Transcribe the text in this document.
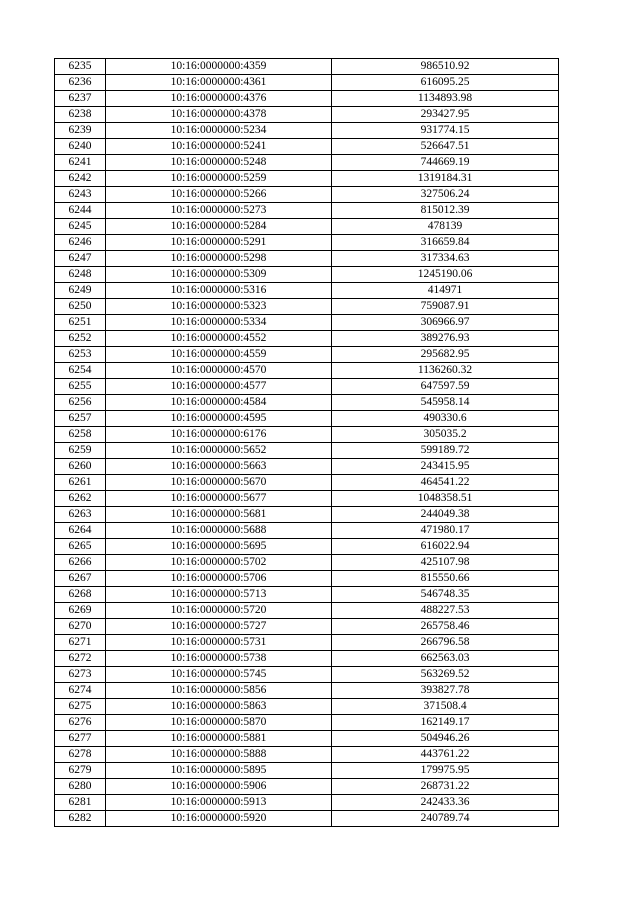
6235	10:16:0000000:4359	986510.92
6236	10:16:0000000:4361	616095.25
6237	10:16:0000000:4376	1134893.98
6238	10:16:0000000:4378	293427.95
6239	10:16:0000000:5234	931774.15
6240	10:16:0000000:5241	526647.51
6241	10:16:0000000:5248	744669.19
6242	10:16:0000000:5259	1319184.31
6243	10:16:0000000:5266	327506.24
6244	10:16:0000000:5273	815012.39
6245	10:16:0000000:5284	478139
6246	10:16:0000000:5291	316659.84
6247	10:16:0000000:5298	317334.63
6248	10:16:0000000:5309	1245190.06
6249	10:16:0000000:5316	414971
6250	10:16:0000000:5323	759087.91
6251	10:16:0000000:5334	306966.97
6252	10:16:0000000:4552	389276.93
6253	10:16:0000000:4559	295682.95
6254	10:16:0000000:4570	1136260.32
6255	10:16:0000000:4577	647597.59
6256	10:16:0000000:4584	545958.14
6257	10:16:0000000:4595	490330.6
6258	10:16:0000000:6176	305035.2
6259	10:16:0000000:5652	599189.72
6260	10:16:0000000:5663	243415.95
6261	10:16:0000000:5670	464541.22
6262	10:16:0000000:5677	1048358.51
6263	10:16:0000000:5681	244049.38
6264	10:16:0000000:5688	471980.17
6265	10:16:0000000:5695	616022.94
6266	10:16:0000000:5702	425107.98
6267	10:16:0000000:5706	815550.66
6268	10:16:0000000:5713	546748.35
6269	10:16:0000000:5720	488227.53
6270	10:16:0000000:5727	265758.46
6271	10:16:0000000:5731	266796.58
6272	10:16:0000000:5738	662563.03
6273	10:16:0000000:5745	563269.52
6274	10:16:0000000:5856	393827.78
6275	10:16:0000000:5863	371508.4
6276	10:16:0000000:5870	162149.17
6277	10:16:0000000:5881	504946.26
6278	10:16:0000000:5888	443761.22
6279	10:16:0000000:5895	179975.95
6280	10:16:0000000:5906	268731.22
6281	10:16:0000000:5913	242433.36
6282	10:16:0000000:5920	240789.74
